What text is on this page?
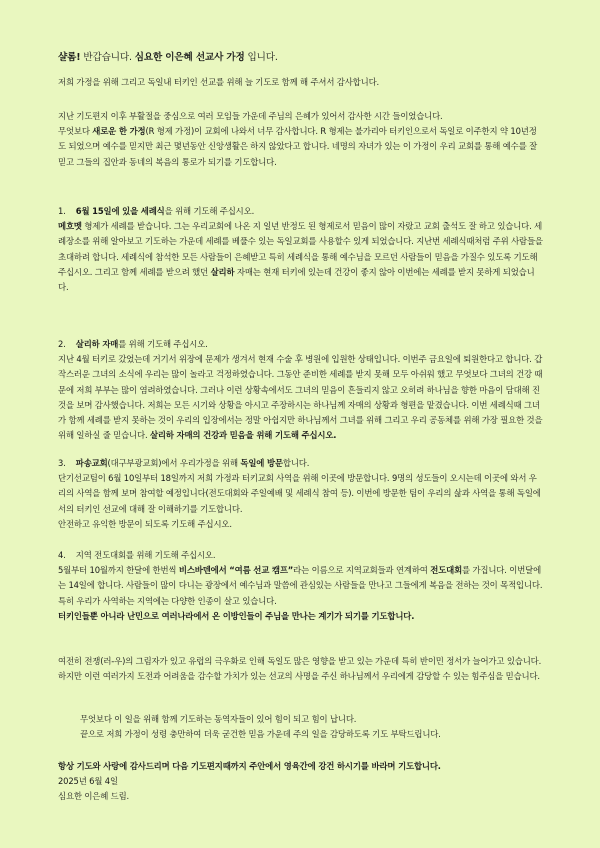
샬롬! 반갑습니다. 심요한 이은혜 선교사 가정 입니다.
저희 가정을 위해 그리고 독일내 터키인 선교를 위해 늘 기도로 함께 해 주셔서 감사합니다.
지난 기도편지 이후 부활절을 중심으로 여러 모임들 가운데 주님의 은혜가 있어서 감사한 시간 들이었습니다.
무엇보다 새로운 한 가정(R 형제 가정)이 교회에 나와서 너무 감사합니다. R 형제는 불가리아 터키인으로서 독일로 이주한지 약 10년정도 되었으며 예수를 믿지만 최근 몇년동안 신앙생활은 하지 않았다고 합니다. 네명의 자녀가 있는 이 가정이 우리 교회를 통해 예수를 잘 믿고 그들의 집안과 동네의 복음의 통로가 되기를 기도합니다.
1. 6월 15일에 있을 세례식을 위해 기도해 주십시오.
메흐멧 형제가 세례를 받습니다. 그는 우리교회에 나온 지 일년 반정도 된 형제로서 믿음이 많이 자랐고 교회 출석도 잘 하고 있습니다. 세례장소를 위해 알아보고 기도하는 가운데 세례를 베풀수 있는 독일교회를 사용할수 있게 되었습니다. 지난번 세례식때처럼 주위 사람들을 초대하려 합니다. 세례식에 참석한 모든 사람들이 은혜받고 특히 세례식을 통해 예수님을 모르던 사람들이 믿음을 가질수 있도록 기도해 주십시오. 그리고 함께 세례를 받으려 했던 살리하 자매는 현재 터키에 있는데 건강이 좋지 않아 이번에는 세례를 받지 못하게 되었습니다.
2. 살리하 자매를 위해 기도해 주십시오.
지난 4월 터키로 갔었는데 거기서 위장에 문제가 생겨서 현재 수술 후 병원에 입원한 상태입니다. 이번주 금요일에 퇴원한다고 합니다. 갑작스러운 그녀의 소식에 우리는 많이 놀라고 걱정하였습니다. 그동안 준비한 세례를 받지 못해 모두 아쉬워 했고 무엇보다 그녀의 건강 때문에 저희 부부는 많이 염려하였습니다. 그러나 이런 상황속에서도 그녀의 믿음이 흔들리지 않고 오히려 하나님을 향한 마음이 담대해 진 것을 보며 감사했습니다. 저희는 모든 시기와 상황을 아시고 주장하시는 하나님께 자매의 상황과 형편을 맡겼습니다. 이번 세례식때 그녀가 함께 세례를 받지 못하는 것이 우리의 입장에서는 정말 아쉽지만 하나님께서 그녀를 위해 그리고 우리 공동체를 위해 가장 필요한 것을 위해 일하실 줄 믿습니다. 살리하 자매의 건강과 믿음을 위해 기도해 주십시오.
3. 파송교회(대구부광교회)에서 우리가정을 위해 독일에 방문합니다.
단기선교팀이 6월 10일부터 18일까지 저희 가정과 터키교회 사역을 위해 이곳에 방문합니다. 9명의 성도들이 오시는데 이곳에 와서 우리의 사역을 함께 보며 참여할 예정입니다(전도대회와 주일예배 및 세례식 참여 등). 이번에 방문한 팀이 우리의 삶과 사역을 통해 독일에서의 터키인 선교에 대해 잘 이해하기를 기도합니다.
안전하고 유익한 방문이 되도록 기도해 주십시오.
4. 지역 전도대회를 위해 기도해 주십시오.
5월부터 10월까지 한달에 한번씩 비스바덴에서 “여름 선교 캠프”라는 이름으로 지역교회들과 연계하여 전도대회를 가집니다. 이번달에는 14일에 합니다. 사람들이 많이 다니는 광장에서 예수님과 말씀에 관심있는 사람들을 만나고 그들에게 복음을 전하는 것이 목적입니다. 특히 우리가 사역하는 지역에는 다양한 인종이 살고 있습니다.
터키인들뿐 아니라 난민으로 여러나라에서 온 이방인들이 주님을 만나는 계기가 되기를 기도합니다.
여전히 전쟁(러-우)의 그림자가 있고 유럽의 극우화로 인해 독일도 많은 영향을 받고 있는 가운데 특히 반이민 정서가 늘어가고 있습니다. 하지만 이런 여러가지 도전과 어려움을 감수할 가치가 있는 선교의 사명을 주신 하나님께서 우리에게 감당할 수 있는 힘주심을 믿습니다.
무엇보다 이 일을 위해 함께 기도하는 동역자들이 있어 힘이 되고 힘이 납니다.
끝으로 저희 가정이 성령 충만하여 더욱 굳건한 믿음 가운데 주의 일을 감당하도록 기도 부탁드립니다.
항상 기도와 사랑에 감사드리며 다음 기도편지때까지 주안에서 영육간에 강건 하시기를 바라며 기도합니다.
2025년 6월 4일
심요한 이은혜 드림.
